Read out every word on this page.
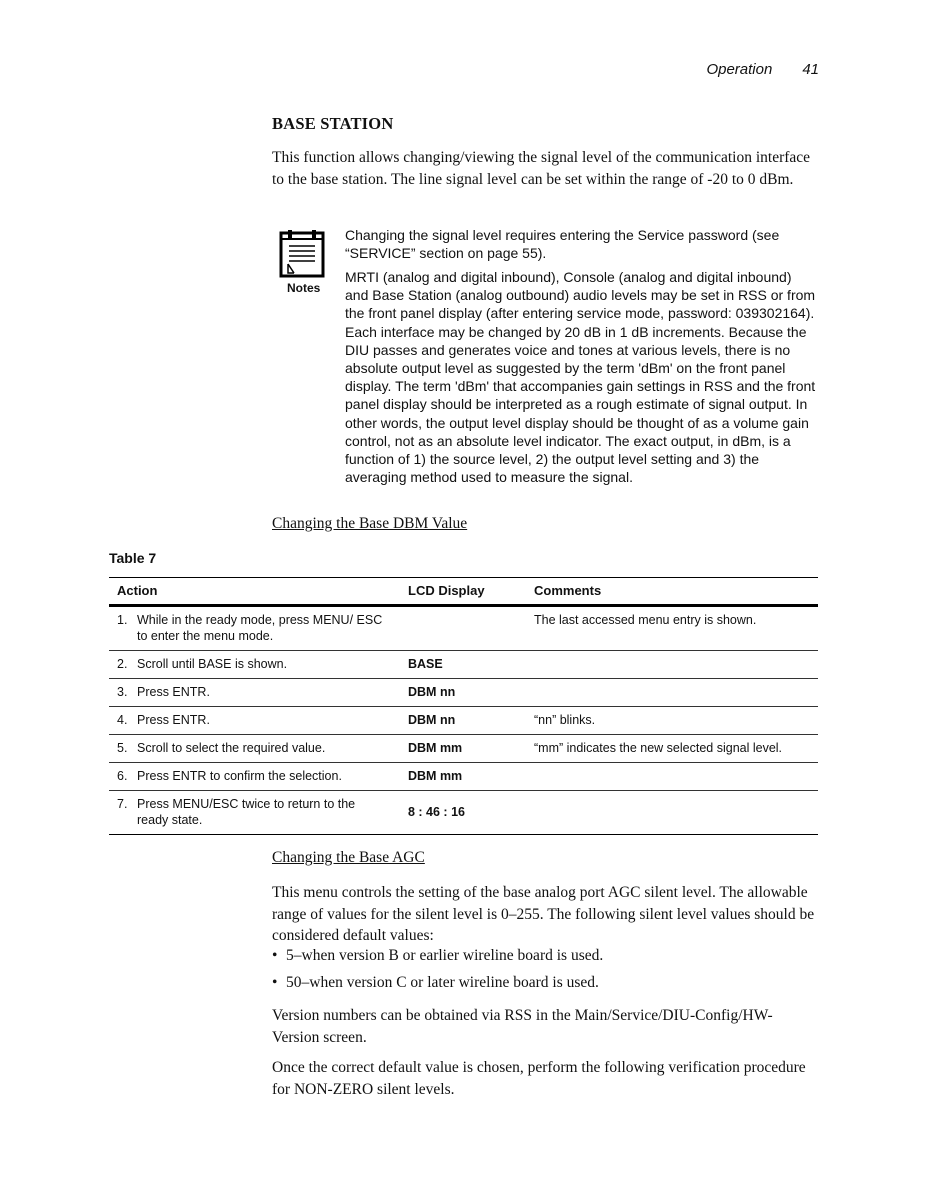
Operation 41
BASE STATION
This function allows changing/viewing the signal level of the communication interface to the base station. The line signal level can be set within the range of -20 to 0 dBm.
Notes
Changing the signal level requires entering the Service password (see “SERVICE” section on page 55).
MRTI (analog and digital inbound), Console (analog and digital inbound) and Base Station (analog outbound) audio levels may be set in RSS or from the front panel display (after entering service mode, password: 039302164). Each interface may be changed by 20 dB in 1 dB increments. Because the DIU passes and generates voice and tones at various levels, there is no absolute output level as suggested by the term 'dBm' on the front panel display. The term 'dBm' that accompanies gain settings in RSS and the front panel display should be interpreted as a rough estimate of signal output. In other words, the output level display should be thought of as a volume gain control, not as an absolute level indicator. The exact output, in dBm, is a function of 1) the source level, 2) the output level setting and 3) the averaging method used to measure the signal.
Changing the Base DBM Value
Table 7
Action	LCD Display	Comments
1. While in the ready mode, press MENU/ ESC to enter the menu mode.		The last accessed menu entry is shown.
2. Scroll until BASE is shown.	BASE	
3. Press ENTR.	DBM nn	
4. Press ENTR.	DBM nn	“nn” blinks.
5. Scroll to select the required value.	DBM mm	“mm” indicates the new selected signal level.
6. Press ENTR to confirm the selection.	DBM mm	
7. Press MENU/ESC twice to return to the ready state.	8 : 46 : 16	
Changing the Base AGC
This menu controls the setting of the base analog port AGC silent level. The allowable range of values for the silent level is 0–255. The following silent level values should be considered default values:
• 5–when version B or earlier wireline board is used.
• 50–when version C or later wireline board is used.
Version numbers can be obtained via RSS in the Main/Service/DIU-Config/HW-Version screen.
Once the correct default value is chosen, perform the following verification procedure for NON-ZERO silent levels.
